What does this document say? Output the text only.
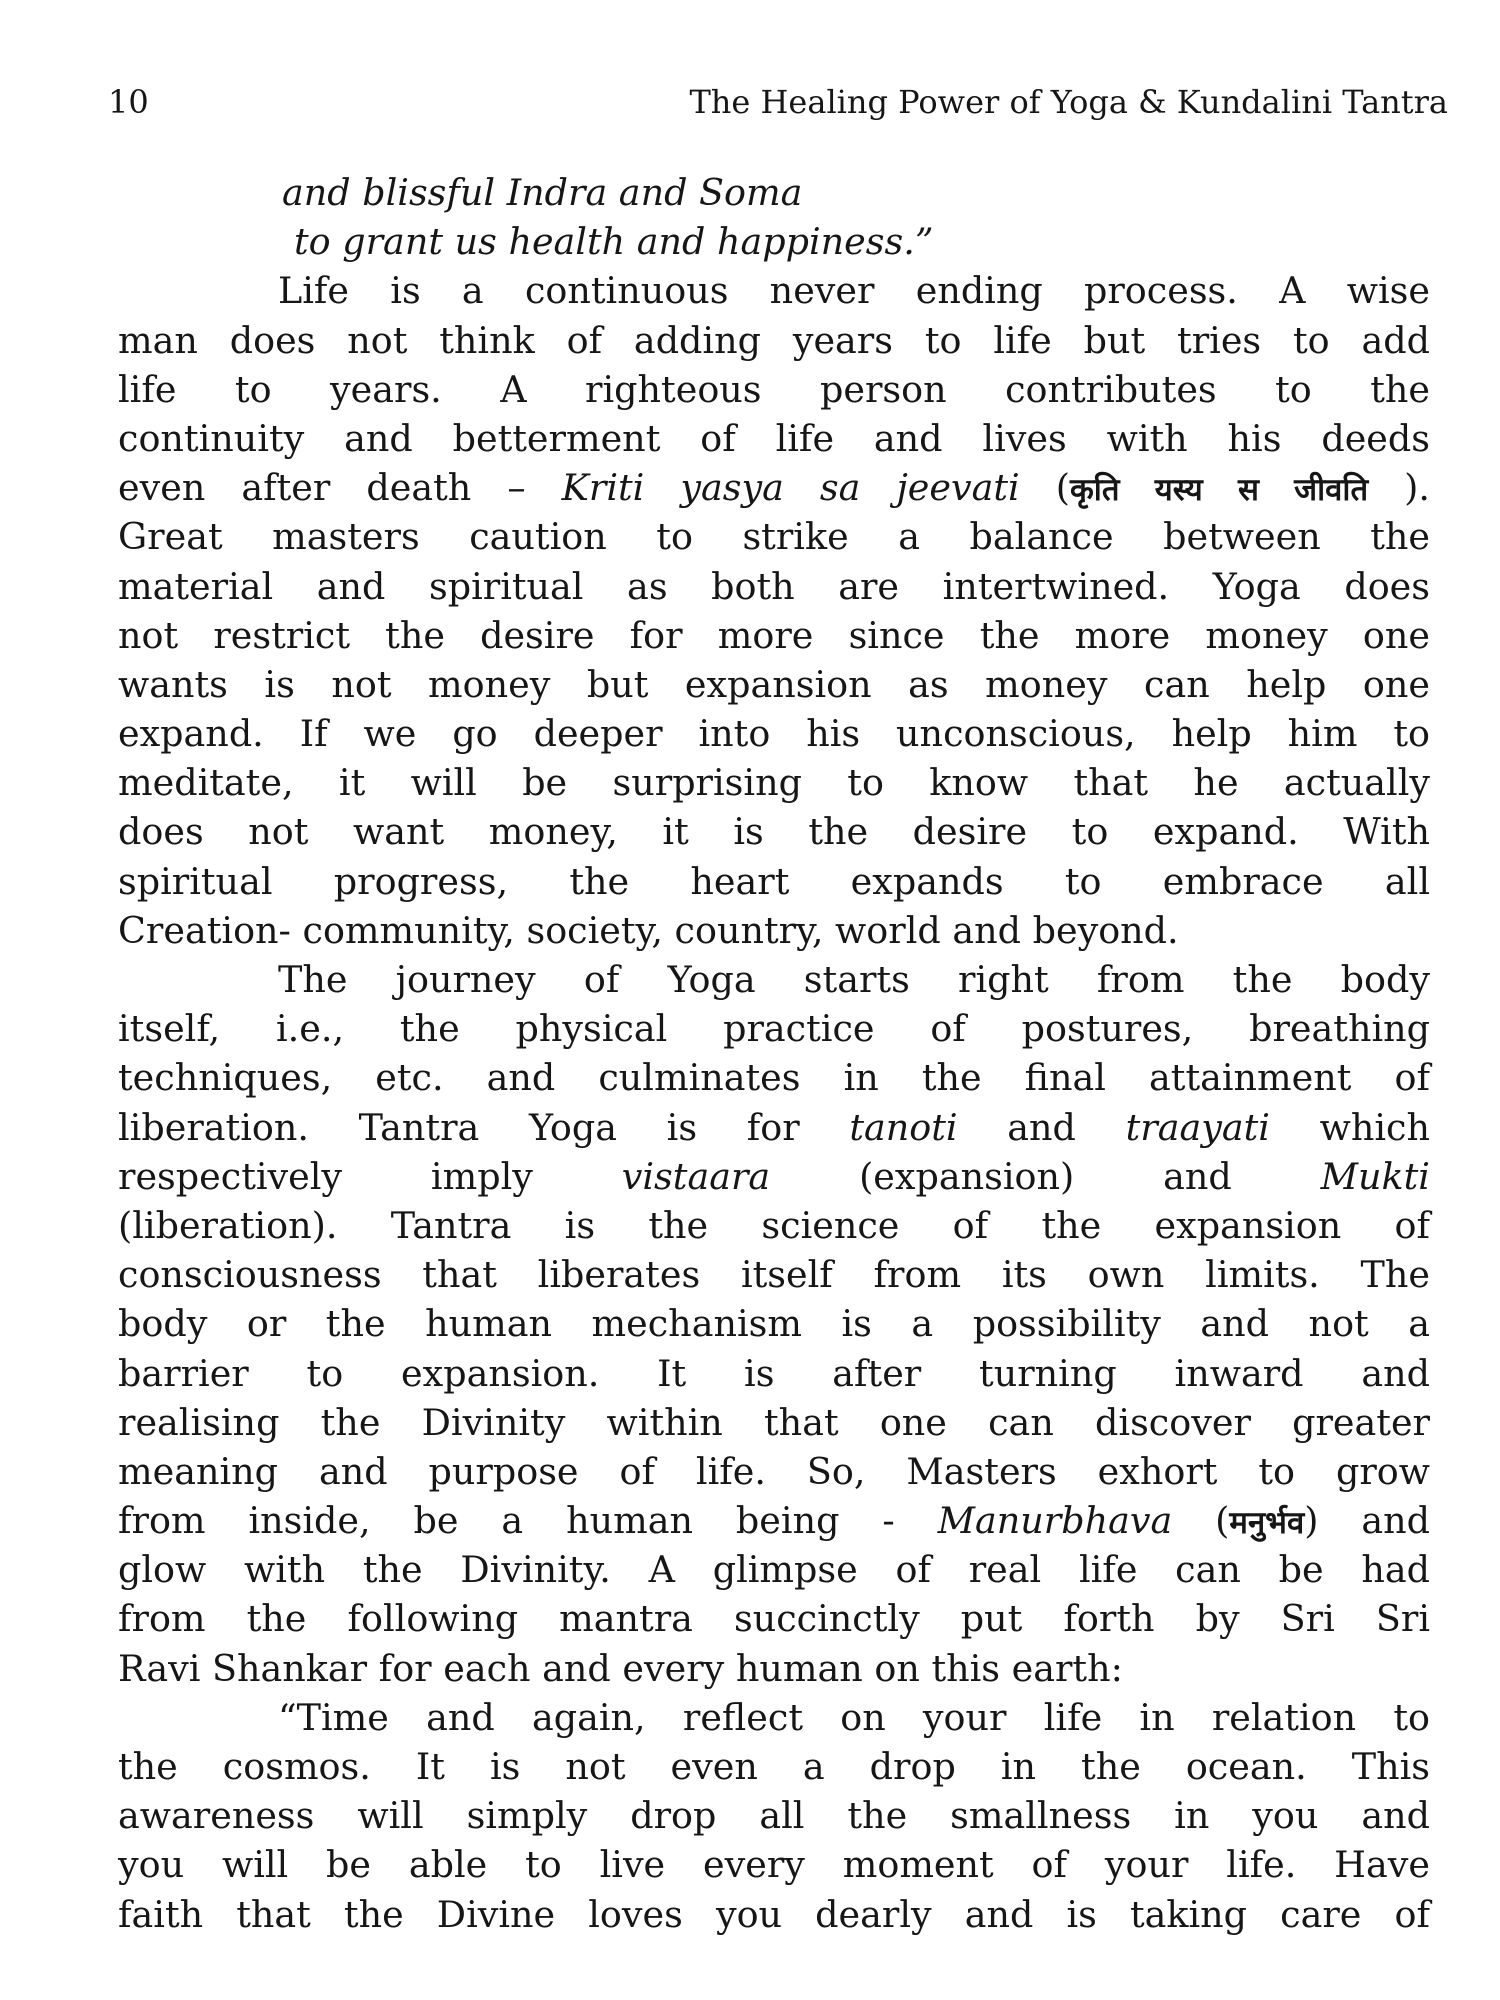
10	The Healing Power of Yoga & Kundalini Tantra
and blissful Indra and Soma
to grant us health and happiness.”
Life is a continuous never ending process. A wise
man does not think of adding years to life but tries to add
life to years. A righteous person contributes to the
continuity and betterment of life and lives with his deeds
even after death – Kriti yasya sa jeevati (कृति यस्य स जीवति ).
Great masters caution to strike a balance between the
material and spiritual as both are intertwined. Yoga does
not restrict the desire for more since the more money one
wants is not money but expansion as money can help one
expand. If we go deeper into his unconscious, help him to
meditate, it will be surprising to know that he actually
does not want money, it is the desire to expand. With
spiritual progress, the heart expands to embrace all
Creation- community, society, country, world and beyond.
The journey of Yoga starts right from the body
itself, i.e., the physical practice of postures, breathing
techniques, etc. and culminates in the final attainment of
liberation. Tantra Yoga is for tanoti and traayati which
respectively imply vistaara (expansion) and Mukti
(liberation). Tantra is the science of the expansion of
consciousness that liberates itself from its own limits. The
body or the human mechanism is a possibility and not a
barrier to expansion. It is after turning inward and
realising the Divinity within that one can discover greater
meaning and purpose of life. So, Masters exhort to grow
from inside, be a human being - Manurbhava (मनुर्भव) and
glow with the Divinity. A glimpse of real life can be had
from the following mantra succinctly put forth by Sri Sri
Ravi Shankar for each and every human on this earth:
“Time and again, reflect on your life in relation to
the cosmos. It is not even a drop in the ocean. This
awareness will simply drop all the smallness in you and
you will be able to live every moment of your life. Have
faith that the Divine loves you dearly and is taking care of
